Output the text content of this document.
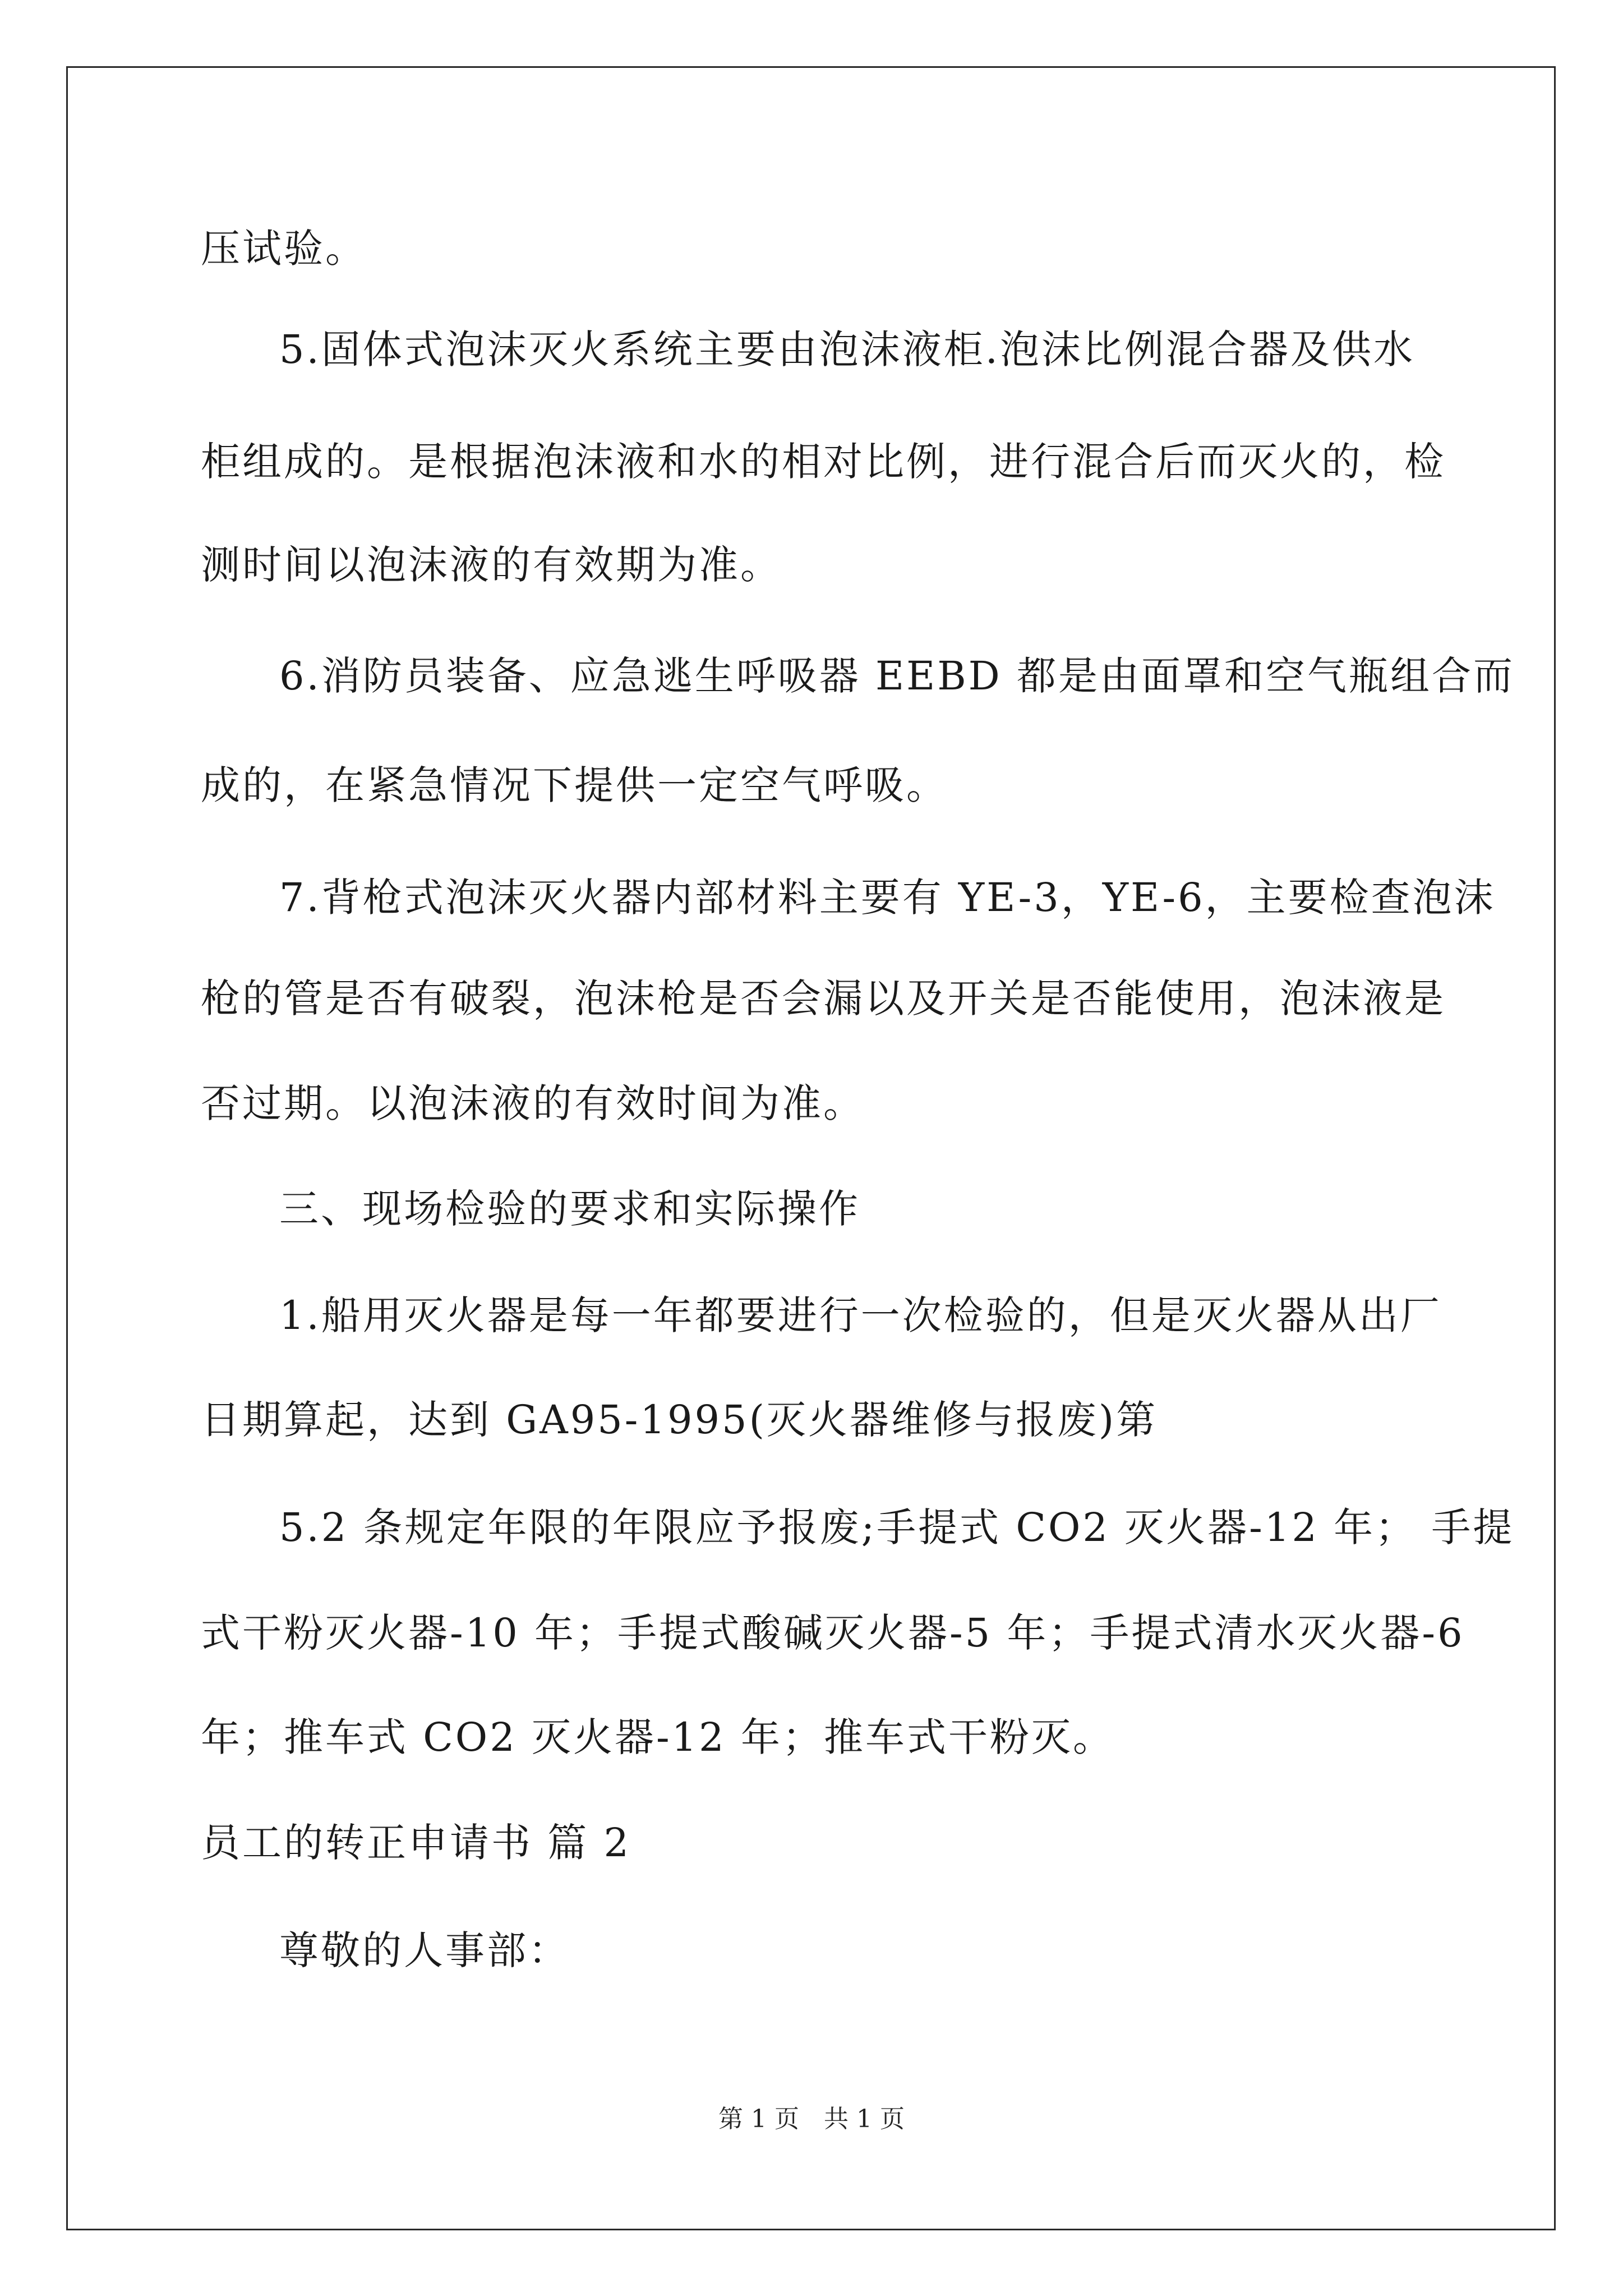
压试验。
5.固体式泡沫灭火系统主要由泡沫液柜.泡沫比例混合器及供水
柜组成的。是根据泡沫液和水的相对比例，进行混合后而灭火的，检
测时间以泡沫液的有效期为准。
6.消防员装备、应急逃生呼吸器 EEBD 都是由面罩和空气瓶组合而
成的，在紧急情况下提供一定空气呼吸。
7.背枪式泡沫灭火器内部材料主要有 YE-3，YE-6，主要检查泡沫
枪的管是否有破裂，泡沫枪是否会漏以及开关是否能使用，泡沫液是
否过期。以泡沫液的有效时间为准。
三、现场检验的要求和实际操作
1.船用灭火器是每一年都要进行一次检验的，但是灭火器从出厂
日期算起，达到 GA95-1995(灭火器维修与报废)第
5.2 条规定年限的年限应予报废;手提式 CO2 灭火器-12 年； 手提
式干粉灭火器-10 年；手提式酸碱灭火器-5 年；手提式清水灭火器-6
年；推车式 CO2 灭火器-12 年；推车式干粉灭。
员工的转正申请书 篇 2
尊敬的人事部：
第 1 页　共 1 页
